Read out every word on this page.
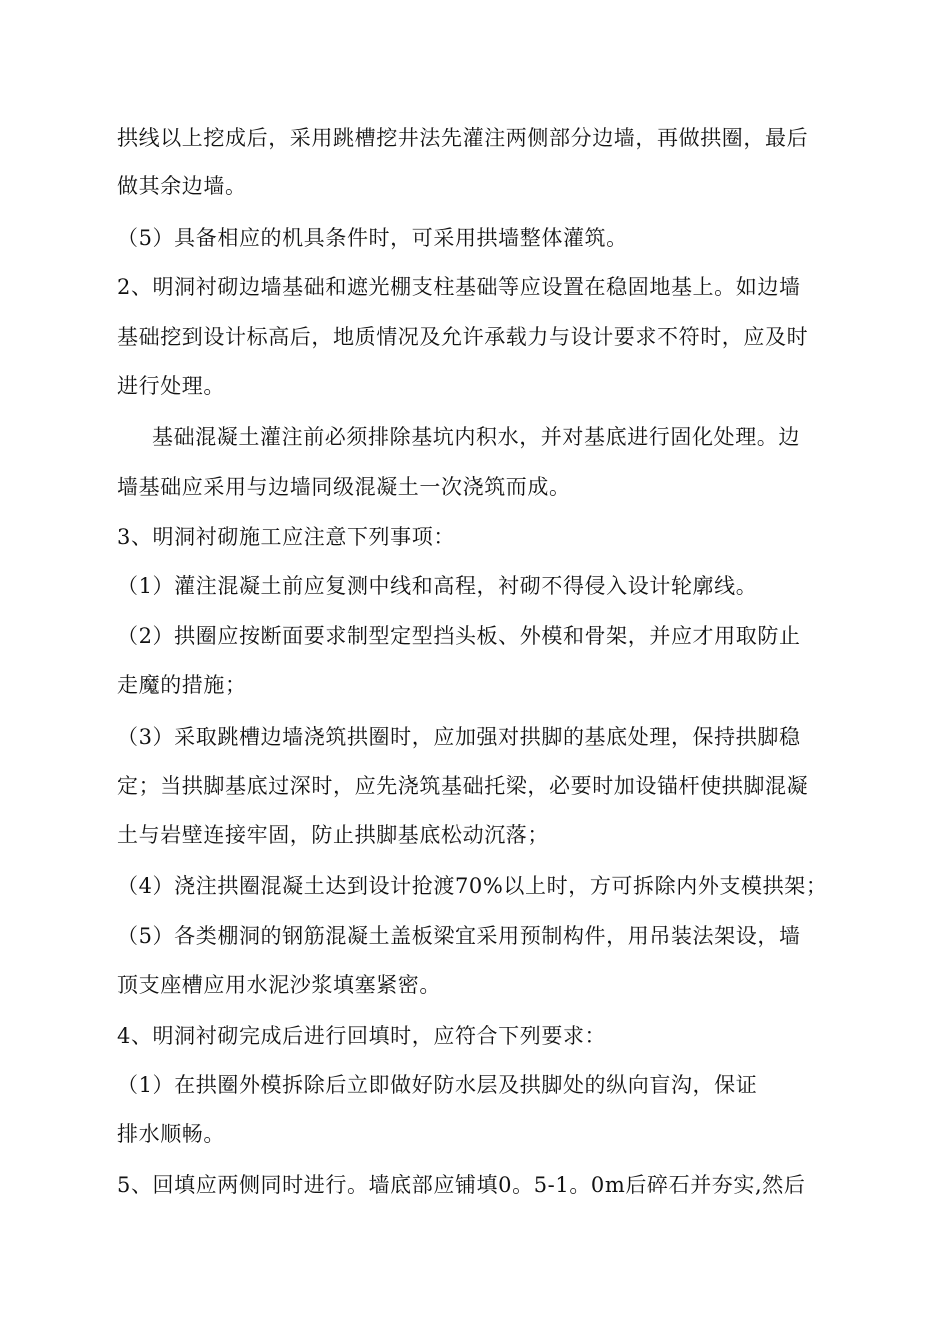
拱线以上挖成后，采用跳槽挖井法先灌注两侧部分边墙，再做拱圈，最后
做其余边墙。
（5）具备相应的机具条件时，可采用拱墙整体灌筑。
2、明洞衬砌边墙基础和遮光棚支柱基础等应设置在稳固地基上。如边墙
基础挖到设计标高后，地质情况及允许承载力与设计要求不符时，应及时
进行处理。
基础混凝土灌注前必须排除基坑内积水，并对基底进行固化处理。边
墙基础应采用与边墙同级混凝土一次浇筑而成。
3、明洞衬砌施工应注意下列事项：
（1）灌注混凝土前应复测中线和高程，衬砌不得侵入设计轮廓线。
（2）拱圈应按断面要求制型定型挡头板、外模和骨架，并应才用取防止
走魔的措施；
（3）采取跳槽边墙浇筑拱圈时，应加强对拱脚的基底处理，保持拱脚稳
定；当拱脚基底过深时，应先浇筑基础托梁，必要时加设锚杆使拱脚混凝
土与岩壁连接牢固，防止拱脚基底松动沉落；
（4）浇注拱圈混凝土达到设计抢渡70%以上时，方可拆除内外支模拱架；
（5）各类棚洞的钢筋混凝土盖板梁宜采用预制构件，用吊装法架设，墙
顶支座槽应用水泥沙浆填塞紧密。
4、明洞衬砌完成后进行回填时，应符合下列要求：
（1）在拱圈外模拆除后立即做好防水层及拱脚处的纵向盲沟，保证
排水顺畅。
5、回填应两侧同时进行。墙底部应铺填0。5-1。0m后碎石并夯实,然后
